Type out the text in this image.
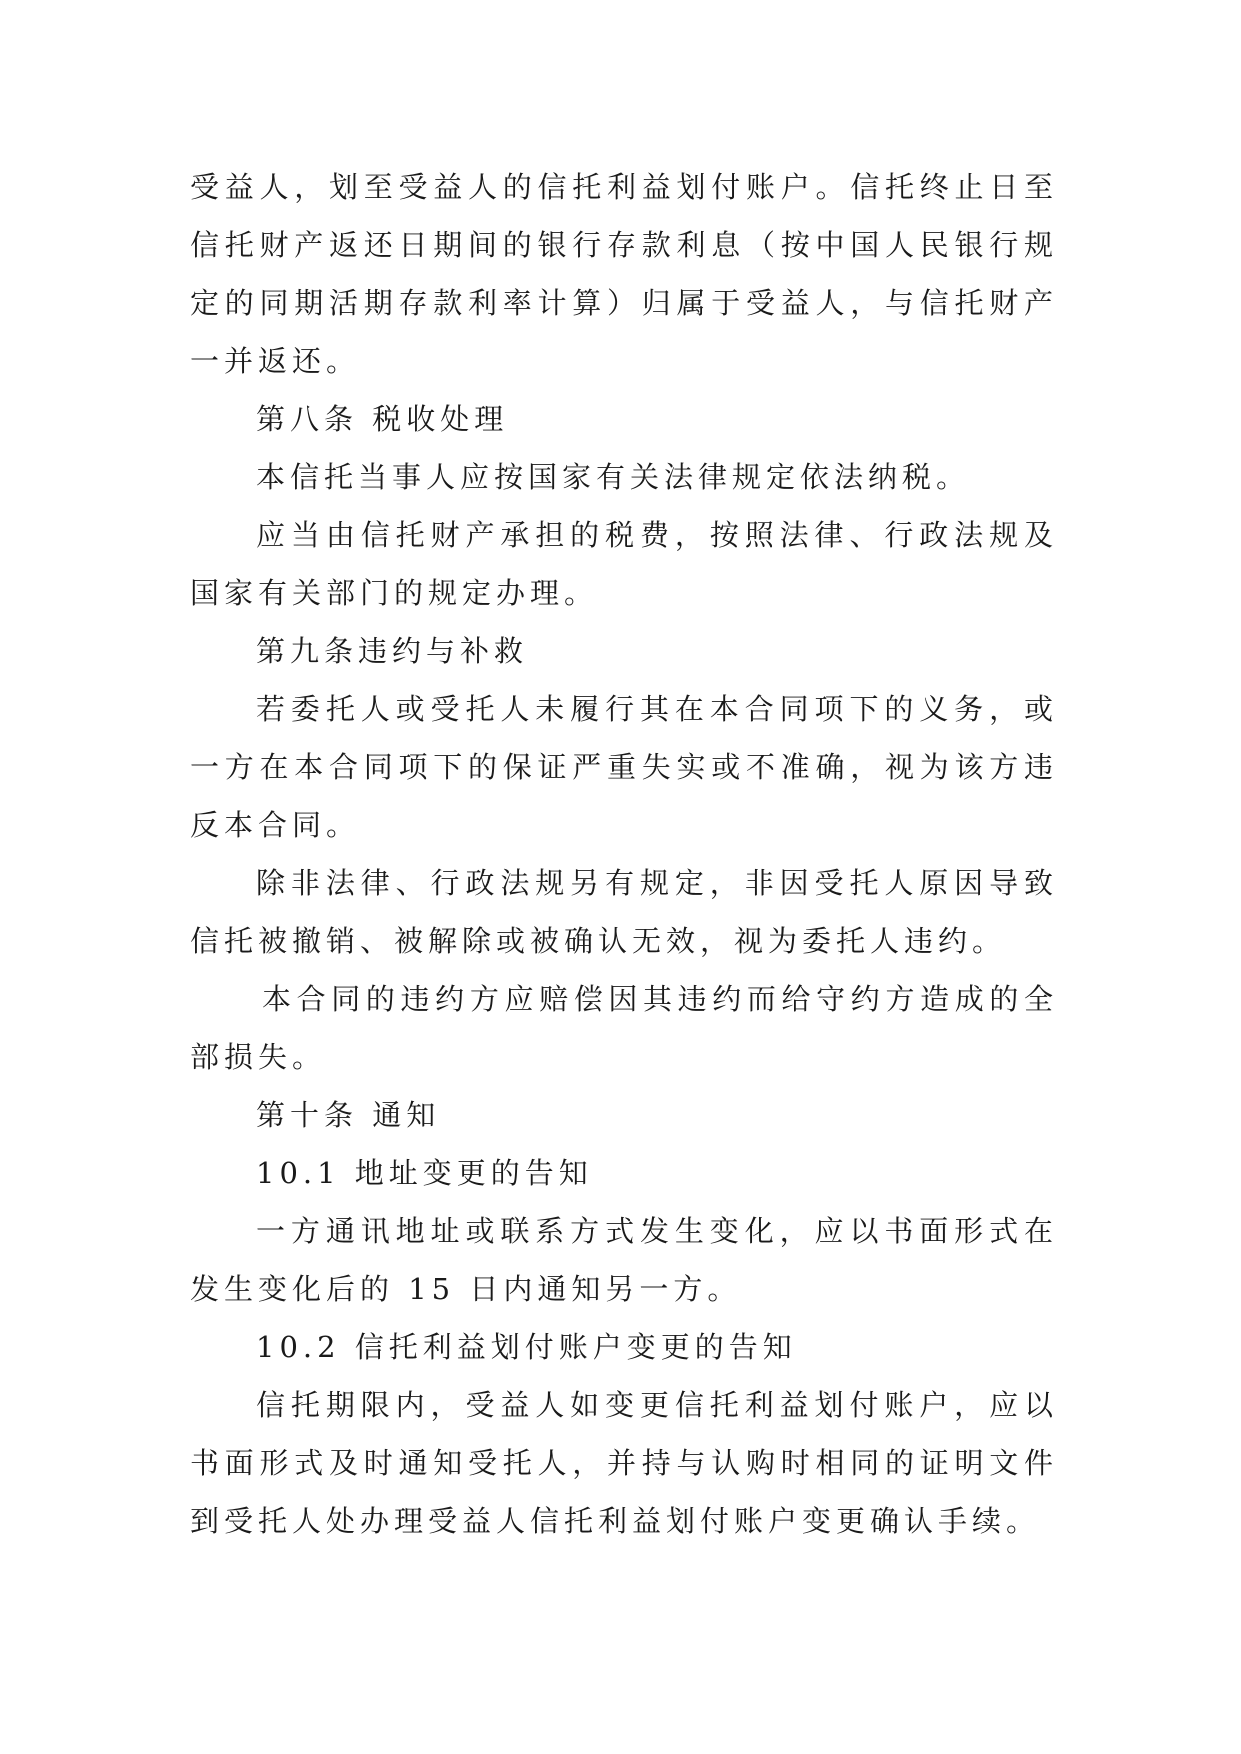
受益人，划至受益人的信托利益划付账户。信托终止日至信托财产返还日期间的银行存款利息（按中国人民银行规定的同期活期存款利率计算）归属于受益人，与信托财产一并返还。

第八条 税收处理

本信托当事人应按国家有关法律规定依法纳税。

应当由信托财产承担的税费，按照法律、行政法规及国家有关部门的规定办理。

第九条违约与补救

若委托人或受托人未履行其在本合同项下的义务，或一方在本合同项下的保证严重失实或不准确，视为该方违反本合同。

除非法律、行政法规另有规定，非因受托人原因导致信托被撤销、被解除或被确认无效，视为委托人违约。

本合同的违约方应赔偿因其违约而给守约方造成的全部损失。

第十条 通知

10.1 地址变更的告知

一方通讯地址或联系方式发生变化，应以书面形式在发生变化后的 15 日内通知另一方。

10.2 信托利益划付账户变更的告知

信托期限内，受益人如变更信托利益划付账户，应以书面形式及时通知受托人，并持与认购时相同的证明文件到受托人处办理受益人信托利益划付账户变更确认手续。
